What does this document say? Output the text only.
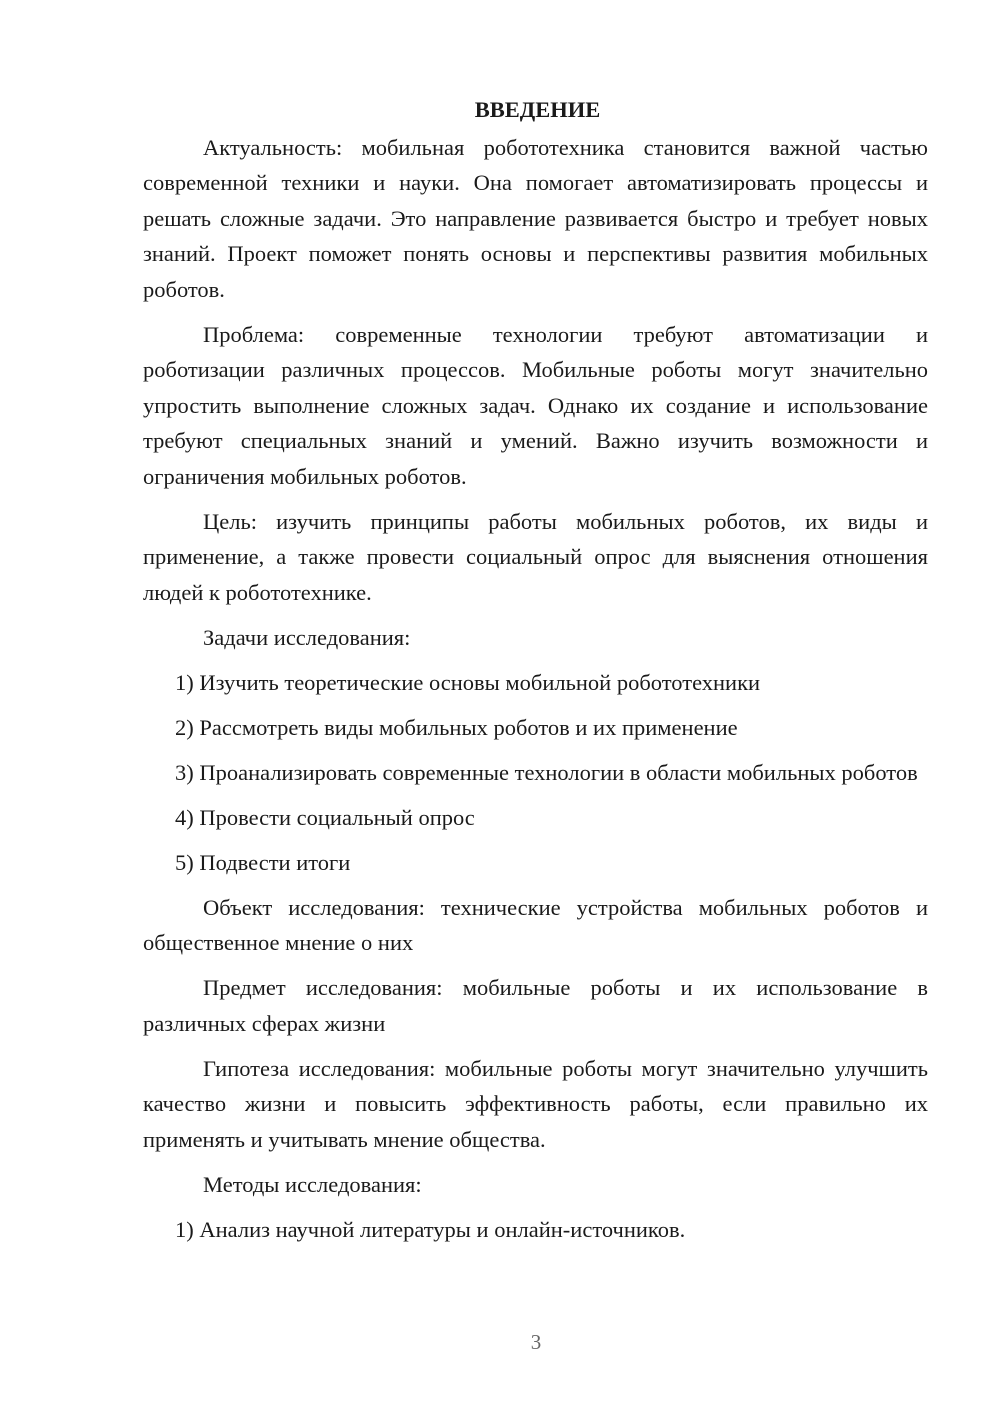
ВВЕДЕНИЕ

Актуальность: мобильная робототехника становится важной частью современной техники и науки. Она помогает автоматизировать процессы и решать сложные задачи. Это направление развивается быстро и требует новых знаний. Проект поможет понять основы и перспективы развития мобильных роботов.

Проблема: современные технологии требуют автоматизации и роботизации различных процессов. Мобильные роботы могут значительно упростить выполнение сложных задач. Однако их создание и использование требуют специальных знаний и умений. Важно изучить возможности и ограничения мобильных роботов.

Цель: изучить принципы работы мобильных роботов, их виды и применение, а также провести социальный опрос для выяснения отношения людей к робототехнике.

Задачи исследования:

1) Изучить теоретические основы мобильной робототехники

2) Рассмотреть виды мобильных роботов и их применение

3) Проанализировать современные технологии в области мобильных роботов

4) Провести социальный опрос

5) Подвести итоги

Объект исследования: технические устройства мобильных роботов и общественное мнение о них

Предмет исследования: мобильные роботы и их использование в различных сферах жизни

Гипотеза исследования: мобильные роботы могут значительно улучшить качество жизни и повысить эффективность работы, если правильно их применять и учитывать мнение общества.

Методы исследования:

1) Анализ научной литературы и онлайн-источников.

3
